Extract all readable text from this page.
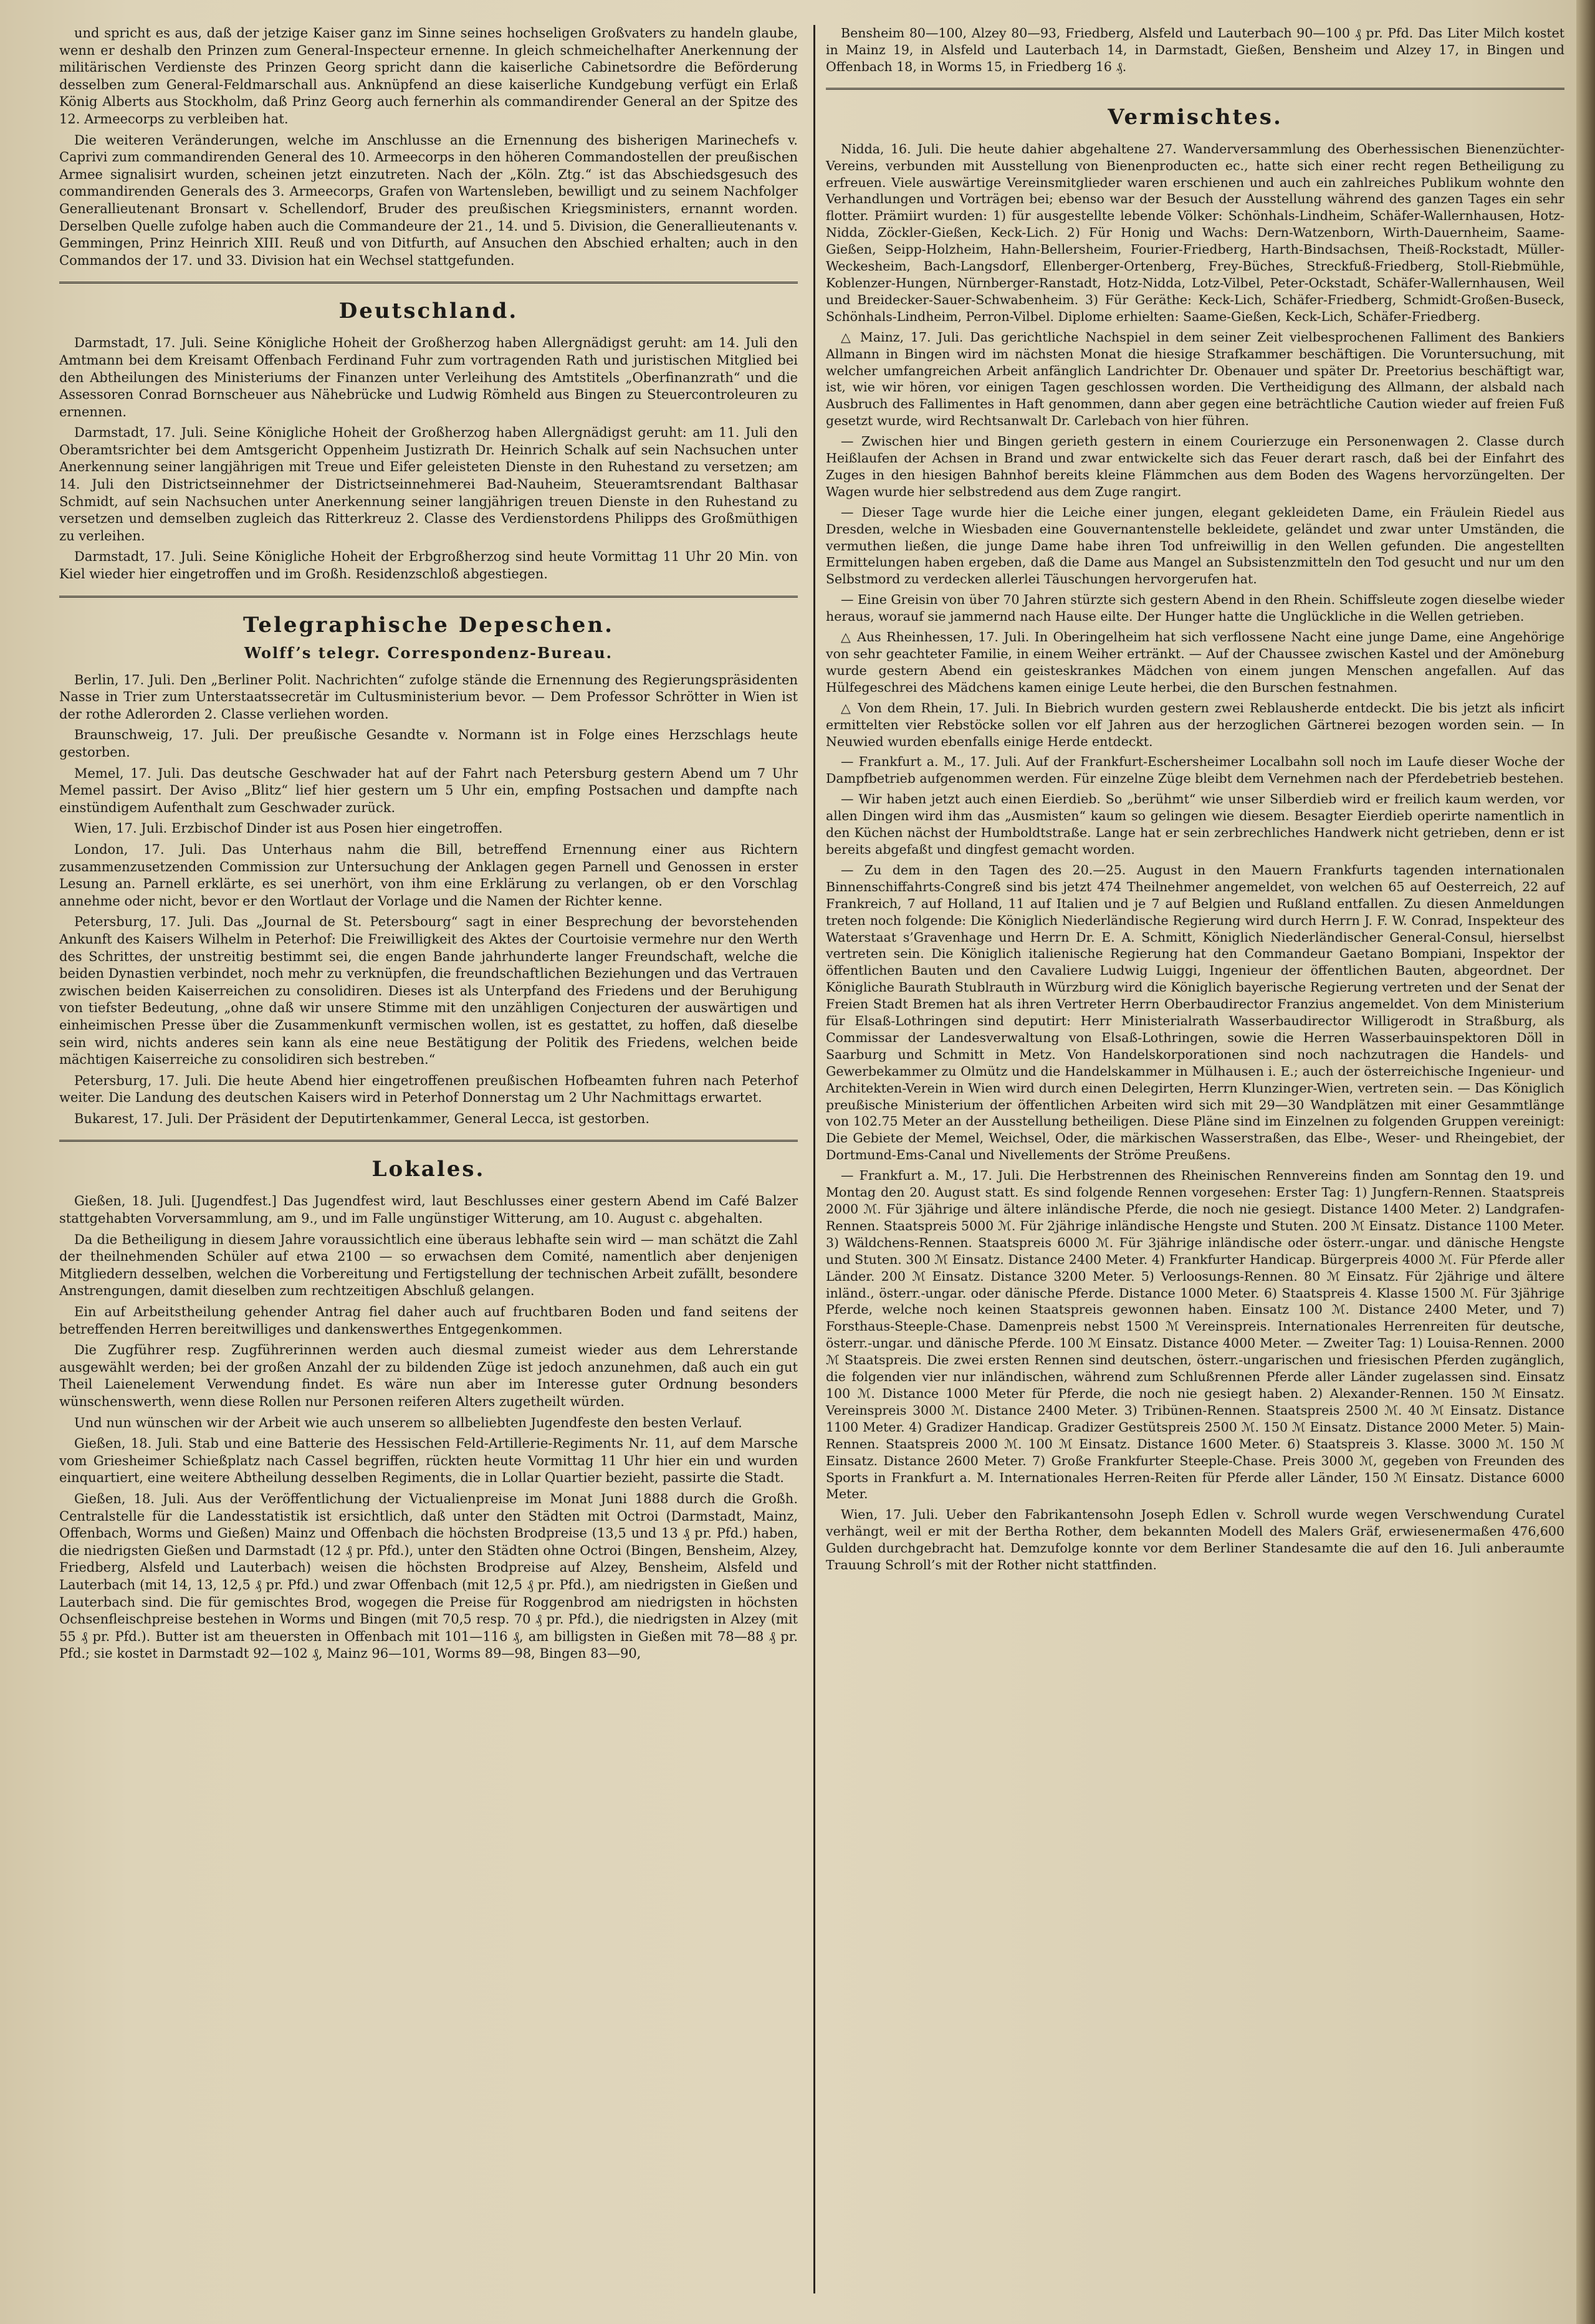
und spricht es aus, daß der jetzige Kaiser ganz im Sinne seines hochseligen Großvaters zu handeln glaube, wenn er deshalb den Prinzen zum General-Inspecteur ernenne. In gleich schmeichelhafter Anerkennung der militärischen Verdienste des Prinzen Georg spricht dann die kaiserliche Cabinetsordre die Beförderung desselben zum General-Feldmarschall aus. Anknüpfend an diese kaiserliche Kundgebung verfügt ein Erlaß König Alberts aus Stockholm, daß Prinz Georg auch fernerhin als commandirender General an der Spitze des 12. Armeecorps zu verbleiben hat.

Die weiteren Veränderungen, welche im Anschlusse an die Ernennung des bisherigen Marinechefs v. Caprivi zum commandirenden General des 10. Armeecorps in den höheren Commandostellen der preußischen Armee signalisirt wurden, scheinen jetzt einzutreten. Nach der „Köln. Ztg.“ ist das Abschiedsgesuch des commandirenden Generals des 3. Armeecorps, Grafen von Wartensleben, bewilligt und zu seinem Nachfolger Generallieutenant Bronsart v. Schellendorf, Bruder des preußischen Kriegsministers, ernannt worden. Derselben Quelle zufolge haben auch die Commandeure der 21., 14. und 5. Division, die Generallieutenants v. Gemmingen, Prinz Heinrich XIII. Reuß und von Ditfurth, auf Ansuchen den Abschied erhalten; auch in den Commandos der 17. und 33. Division hat ein Wechsel stattgefunden.

Deutschland.

Darmstadt, 17. Juli. Seine Königliche Hoheit der Großherzog haben Allergnädigst geruht: am 14. Juli den Amtmann bei dem Kreisamt Offenbach Ferdinand Fuhr zum vortragenden Rath und juristischen Mitglied bei den Abtheilungen des Ministeriums der Finanzen unter Verleihung des Amtstitels „Oberfinanzrath“ und die Assessoren Conrad Bornscheuer aus Nähebrücke und Ludwig Römheld aus Bingen zu Steuercontroleuren zu ernennen.

Darmstadt, 17. Juli. Seine Königliche Hoheit der Großherzog haben Allergnädigst geruht: am 11. Juli den Oberamtsrichter bei dem Amtsgericht Oppenheim Justizrath Dr. Heinrich Schalk auf sein Nachsuchen unter Anerkennung seiner langjährigen mit Treue und Eifer geleisteten Dienste in den Ruhestand zu versetzen; am 14. Juli den Districtseinnehmer der Districtseinnehmerei Bad-Nauheim, Steueramtsrendant Balthasar Schmidt, auf sein Nachsuchen unter Anerkennung seiner langjährigen treuen Dienste in den Ruhestand zu versetzen und demselben zugleich das Ritterkreuz 2. Classe des Verdienstordens Philipps des Großmüthigen zu verleihen.

Darmstadt, 17. Juli. Seine Königliche Hoheit der Erbgroßherzog sind heute Vormittag 11 Uhr 20 Min. von Kiel wieder hier eingetroffen und im Großh. Residenzschloß abgestiegen.

Telegraphische Depeschen.
Wolff’s telegr. Correspondenz-Bureau.

Berlin, 17. Juli. Den „Berliner Polit. Nachrichten“ zufolge stände die Ernennung des Regierungspräsidenten Nasse in Trier zum Unterstaatssecretär im Cultusministerium bevor. — Dem Professor Schrötter in Wien ist der rothe Adlerorden 2. Classe verliehen worden.

Braunschweig, 17. Juli. Der preußische Gesandte v. Normann ist in Folge eines Herzschlags heute gestorben.

Memel, 17. Juli. Das deutsche Geschwader hat auf der Fahrt nach Petersburg gestern Abend um 7 Uhr Memel passirt. Der Aviso „Blitz“ lief hier gestern um 5 Uhr ein, empfing Postsachen und dampfte nach einstündigem Aufenthalt zum Geschwader zurück.

Wien, 17. Juli. Erzbischof Dinder ist aus Posen hier eingetroffen.

London, 17. Juli. Das Unterhaus nahm die Bill, betreffend Ernennung einer aus Richtern zusammenzusetzenden Commission zur Untersuchung der Anklagen gegen Parnell und Genossen in erster Lesung an. Parnell erklärte, es sei unerhört, von ihm eine Erklärung zu verlangen, ob er den Vorschlag annehme oder nicht, bevor er den Wortlaut der Vorlage und die Namen der Richter kenne.

Petersburg, 17. Juli. Das „Journal de St. Petersbourg“ sagt in einer Besprechung der bevorstehenden Ankunft des Kaisers Wilhelm in Peterhof: Die Freiwilligkeit des Aktes der Courtoisie vermehre nur den Werth des Schrittes, der unstreitig bestimmt sei, die engen Bande jahrhunderte langer Freundschaft, welche die beiden Dynastien verbindet, noch mehr zu verknüpfen, die freundschaftlichen Beziehungen und das Vertrauen zwischen beiden Kaiserreichen zu consolidiren. Dieses ist als Unterpfand des Friedens und der Beruhigung von tiefster Bedeutung, „ohne daß wir unsere Stimme mit den unzähligen Conjecturen der auswärtigen und einheimischen Presse über die Zusammenkunft vermischen wollen, ist es gestattet, zu hoffen, daß dieselbe sein wird, nichts anderes sein kann als eine neue Bestätigung der Politik des Friedens, welchen beide mächtigen Kaiserreiche zu consolidiren sich bestreben.“

Petersburg, 17. Juli. Die heute Abend hier eingetroffenen preußischen Hofbeamten fuhren nach Peterhof weiter. Die Landung des deutschen Kaisers wird in Peterhof Donnerstag um 2 Uhr Nachmittags erwartet.

Bukarest, 17. Juli. Der Präsident der Deputirtenkammer, General Lecca, ist gestorben.

Lokales.

Gießen, 18. Juli. [Jugendfest.] Das Jugendfest wird, laut Beschlusses einer gestern Abend im Café Balzer stattgehabten Vorversammlung, am 9., und im Falle ungünstiger Witterung, am 10. August c. abgehalten.

Da die Betheiligung in diesem Jahre voraussichtlich eine überaus lebhafte sein wird — man schätzt die Zahl der theilnehmenden Schüler auf etwa 2100 — so erwachsen dem Comité, namentlich aber denjenigen Mitgliedern desselben, welchen die Vorbereitung und Fertigstellung der technischen Arbeit zufällt, besondere Anstrengungen, damit dieselben zum rechtzeitigen Abschluß gelangen.

Ein auf Arbeitstheilung gehender Antrag fiel daher auch auf fruchtbaren Boden und fand seitens der betreffenden Herren bereitwilliges und dankenswerthes Entgegenkommen.

Die Zugführer resp. Zugführerinnen werden auch diesmal zumeist wieder aus dem Lehrerstande ausgewählt werden; bei der großen Anzahl der zu bildenden Züge ist jedoch anzunehmen, daß auch ein gut Theil Laienelement Verwendung findet. Es wäre nun aber im Interesse guter Ordnung besonders wünschenswerth, wenn diese Rollen nur Personen reiferen Alters zugetheilt würden.

Und nun wünschen wir der Arbeit wie auch unserem so allbeliebten Jugendfeste den besten Verlauf.

Gießen, 18. Juli. Stab und eine Batterie des Hessischen Feld-Artillerie-Regiments Nr. 11, auf dem Marsche vom Griesheimer Schießplatz nach Cassel begriffen, rückten heute Vormittag 11 Uhr hier ein und wurden einquartiert, eine weitere Abtheilung desselben Regiments, die in Lollar Quartier bezieht, passirte die Stadt.

Gießen, 18. Juli. Aus der Veröffentlichung der Victualienpreise im Monat Juni 1888 durch die Großh. Centralstelle für die Landesstatistik ist ersichtlich, daß unter den Städten mit Octroi (Darmstadt, Mainz, Offenbach, Worms und Gießen) Mainz und Offenbach die höchsten Brodpreise (13,5 und 13 ₰ pr. Pfd.) haben, die niedrigsten Gießen und Darmstadt (12 ₰ pr. Pfd.), unter den Städten ohne Octroi (Bingen, Bensheim, Alzey, Friedberg, Alsfeld und Lauterbach) weisen die höchsten Brodpreise auf Alzey, Bensheim, Alsfeld und Lauterbach (mit 14, 13, 12,5 ₰ pr. Pfd.) und zwar Offenbach (mit 12,5 ₰ pr. Pfd.), am niedrigsten in Gießen und Lauterbach sind. Die für gemischtes Brod, wogegen die Preise für Roggenbrod am niedrigsten in höchsten Ochsenfleischpreise bestehen in Worms und Bingen (mit 70,5 resp. 70 ₰ pr. Pfd.), die niedrigsten in Alzey (mit 55 ₰ pr. Pfd.). Butter ist am theuersten in Offenbach mit 101—116 ₰, am billigsten in Gießen mit 78—88 ₰ pr. Pfd.; sie kostet in Darmstadt 92—102 ₰, Mainz 96—101, Worms 89—98, Bingen 83—90,

Bensheim 80—100, Alzey 80—93, Friedberg, Alsfeld und Lauterbach 90—100 ₰ pr. Pfd. Das Liter Milch kostet in Mainz 19, in Alsfeld und Lauterbach 14, in Darmstadt, Gießen, Bensheim und Alzey 17, in Bingen und Offenbach 18, in Worms 15, in Friedberg 16 ₰.

Vermischtes.

Nidda, 16. Juli. Die heute dahier abgehaltene 27. Wanderversammlung des Oberhessischen Bienenzüchter-Vereins, verbunden mit Ausstellung von Bienenproducten ec., hatte sich einer recht regen Betheiligung zu erfreuen. Viele auswärtige Vereinsmitglieder waren erschienen und auch ein zahlreiches Publikum wohnte den Verhandlungen und Vorträgen bei; ebenso war der Besuch der Ausstellung während des ganzen Tages ein sehr flotter. Prämiirt wurden: 1) für ausgestellte lebende Völker: Schönhals-Lindheim, Schäfer-Wallernhausen, Hotz-Nidda, Zöckler-Gießen, Keck-Lich. 2) Für Honig und Wachs: Dern-Watzenborn, Wirth-Dauernheim, Saame-Gießen, Seipp-Holzheim, Hahn-Bellersheim, Fourier-Friedberg, Harth-Bindsachsen, Theiß-Rockstadt, Müller-Weckesheim, Bach-Langsdorf, Ellenberger-Ortenberg, Frey-Büches, Streckfuß-Friedberg, Stoll-Riebmühle, Koblenzer-Hungen, Nürnberger-Ranstadt, Hotz-Nidda, Lotz-Vilbel, Peter-Ockstadt, Schäfer-Wallernhausen, Weil und Breidecker-Sauer-Schwabenheim. 3) Für Geräthe: Keck-Lich, Schäfer-Friedberg, Schmidt-Großen-Buseck, Schönhals-Lindheim, Perron-Vilbel. Diplome erhielten: Saame-Gießen, Keck-Lich, Schäfer-Friedberg.

△ Mainz, 17. Juli. Das gerichtliche Nachspiel in dem seiner Zeit vielbesprochenen Falliment des Bankiers Allmann in Bingen wird im nächsten Monat die hiesige Strafkammer beschäftigen. Die Voruntersuchung, mit welcher umfangreichen Arbeit anfänglich Landrichter Dr. Obenauer und später Dr. Preetorius beschäftigt war, ist, wie wir hören, vor einigen Tagen geschlossen worden. Die Vertheidigung des Allmann, der alsbald nach Ausbruch des Fallimentes in Haft genommen, dann aber gegen eine beträchtliche Caution wieder auf freien Fuß gesetzt wurde, wird Rechtsanwalt Dr. Carlebach von hier führen.

— Zwischen hier und Bingen gerieth gestern in einem Courierzuge ein Personenwagen 2. Classe durch Heißlaufen der Achsen in Brand und zwar entwickelte sich das Feuer derart rasch, daß bei der Einfahrt des Zuges in den hiesigen Bahnhof bereits kleine Flämmchen aus dem Boden des Wagens hervorzüngelten. Der Wagen wurde hier selbstredend aus dem Zuge rangirt.

— Dieser Tage wurde hier die Leiche einer jungen, elegant gekleideten Dame, ein Fräulein Riedel aus Dresden, welche in Wiesbaden eine Gouvernantenstelle bekleidete, geländet und zwar unter Umständen, die vermuthen ließen, die junge Dame habe ihren Tod unfreiwillig in den Wellen gefunden. Die angestellten Ermittelungen haben ergeben, daß die Dame aus Mangel an Subsistenzmitteln den Tod gesucht und nur um den Selbstmord zu verdecken allerlei Täuschungen hervorgerufen hat.

— Eine Greisin von über 70 Jahren stürzte sich gestern Abend in den Rhein. Schiffsleute zogen dieselbe wieder heraus, worauf sie jammernd nach Hause eilte. Der Hunger hatte die Unglückliche in die Wellen getrieben.

△ Aus Rheinhessen, 17. Juli. In Oberingelheim hat sich verflossene Nacht eine junge Dame, eine Angehörige von sehr geachteter Familie, in einem Weiher ertränkt. — Auf der Chaussee zwischen Kastel und der Amöneburg wurde gestern Abend ein geisteskrankes Mädchen von einem jungen Menschen angefallen. Auf das Hülfegeschrei des Mädchens kamen einige Leute herbei, die den Burschen festnahmen.

△ Von dem Rhein, 17. Juli. In Biebrich wurden gestern zwei Reblausherde entdeckt. Die bis jetzt als inficirt ermittelten vier Rebstöcke sollen vor elf Jahren aus der herzoglichen Gärtnerei bezogen worden sein. — In Neuwied wurden ebenfalls einige Herde entdeckt.

— Frankfurt a. M., 17. Juli. Auf der Frankfurt-Eschersheimer Localbahn soll noch im Laufe dieser Woche der Dampfbetrieb aufgenommen werden. Für einzelne Züge bleibt dem Vernehmen nach der Pferdebetrieb bestehen.

— Wir haben jetzt auch einen Eierdieb. So „berühmt“ wie unser Silberdieb wird er freilich kaum werden, vor allen Dingen wird ihm das „Ausmisten“ kaum so gelingen wie diesem. Besagter Eierdieb operirte namentlich in den Küchen nächst der Humboldtstraße. Lange hat er sein zerbrechliches Handwerk nicht getrieben, denn er ist bereits abgefaßt und dingfest gemacht worden.

— Zu dem in den Tagen des 20.—25. August in den Mauern Frankfurts tagenden internationalen Binnenschiffahrts-Congreß sind bis jetzt 474 Theilnehmer angemeldet, von welchen 65 auf Oesterreich, 22 auf Frankreich, 7 auf Holland, 11 auf Italien und je 7 auf Belgien und Rußland entfallen. Zu diesen Anmeldungen treten noch folgende: Die Königlich Niederländische Regierung wird durch Herrn J. F. W. Conrad, Inspekteur des Waterstaat s’Gravenhage und Herrn Dr. E. A. Schmitt, Königlich Niederländischer General-Consul, hierselbst vertreten sein. Die Königlich italienische Regierung hat den Commandeur Gaetano Bompiani, Inspektor der öffentlichen Bauten und den Cavaliere Ludwig Luiggi, Ingenieur der öffentlichen Bauten, abgeordnet. Der Königliche Baurath Stublrauth in Würzburg wird die Königlich bayerische Regierung vertreten und der Senat der Freien Stadt Bremen hat als ihren Vertreter Herrn Oberbaudirector Franzius angemeldet. Von dem Ministerium für Elsaß-Lothringen sind deputirt: Herr Ministerialrath Wasserbaudirector Willigerodt in Straßburg, als Commissar der Landesverwaltung von Elsaß-Lothringen, sowie die Herren Wasserbauinspektoren Döll in Saarburg und Schmitt in Metz. Von Handelskorporationen sind noch nachzutragen die Handels- und Gewerbekammer zu Olmütz und die Handelskammer in Mülhausen i. E.; auch der österreichische Ingenieur- und Architekten-Verein in Wien wird durch einen Delegirten, Herrn Klunzinger-Wien, vertreten sein. — Das Königlich preußische Ministerium der öffentlichen Arbeiten wird sich mit 29—30 Wandplätzen mit einer Gesammtlänge von 102.75 Meter an der Ausstellung betheiligen. Diese Pläne sind im Einzelnen zu folgenden Gruppen vereinigt: Die Gebiete der Memel, Weichsel, Oder, die märkischen Wasserstraßen, das Elbe-, Weser- und Rheingebiet, der Dortmund-Ems-Canal und Nivellements der Ströme Preußens.

— Frankfurt a. M., 17. Juli. Die Herbstrennen des Rheinischen Rennvereins finden am Sonntag den 19. und Montag den 20. August statt. Es sind folgende Rennen vorgesehen: Erster Tag: 1) Jungfern-Rennen. Staatspreis 2000 ℳ. Für 3jährige und ältere inländische Pferde, die noch nie gesiegt. Distance 1400 Meter. 2) Landgrafen-Rennen. Staatspreis 5000 ℳ. Für 2jährige inländische Hengste und Stuten. 200 ℳ Einsatz. Distance 1100 Meter. 3) Wäldchens-Rennen. Staatspreis 6000 ℳ. Für 3jährige inländische oder österr.-ungar. und dänische Hengste und Stuten. 300 ℳ Einsatz. Distance 2400 Meter. 4) Frankfurter Handicap. Bürgerpreis 4000 ℳ. Für Pferde aller Länder. 200 ℳ Einsatz. Distance 3200 Meter. 5) Verloosungs-Rennen. 80 ℳ Einsatz. Für 2jährige und ältere inländ., österr.-ungar. oder dänische Pferde. Distance 1000 Meter. 6) Staatspreis 4. Klasse 1500 ℳ. Für 3jährige Pferde, welche noch keinen Staatspreis gewonnen haben. Einsatz 100 ℳ. Distance 2400 Meter, und 7) Forsthaus-Steeple-Chase. Damenpreis nebst 1500 ℳ Vereinspreis. Internationales Herrenreiten für deutsche, österr.-ungar. und dänische Pferde. 100 ℳ Einsatz. Distance 4000 Meter. — Zweiter Tag: 1) Louisa-Rennen. 2000 ℳ Staatspreis. Die zwei ersten Rennen sind deutschen, österr.-ungarischen und friesischen Pferden zugänglich, die folgenden vier nur inländischen, während zum Schlußrennen Pferde aller Länder zugelassen sind. Einsatz 100 ℳ. Distance 1000 Meter für Pferde, die noch nie gesiegt haben. 2) Alexander-Rennen. 150 ℳ Einsatz. Vereinspreis 3000 ℳ. Distance 2400 Meter. 3) Tribünen-Rennen. Staatspreis 2500 ℳ. 40 ℳ Einsatz. Distance 1100 Meter. 4) Gradizer Handicap. Gradizer Gestütspreis 2500 ℳ. 150 ℳ Einsatz. Distance 2000 Meter. 5) Main-Rennen. Staatspreis 2000 ℳ. 100 ℳ Einsatz. Distance 1600 Meter. 6) Staatspreis 3. Klasse. 3000 ℳ. 150 ℳ Einsatz. Distance 2600 Meter. 7) Große Frankfurter Steeple-Chase. Preis 3000 ℳ, gegeben von Freunden des Sports in Frankfurt a. M. Internationales Herren-Reiten für Pferde aller Länder, 150 ℳ Einsatz. Distance 6000 Meter.

Wien, 17. Juli. Ueber den Fabrikantensohn Joseph Edlen v. Schroll wurde wegen Verschwendung Curatel verhängt, weil er mit der Bertha Rother, dem bekannten Modell des Malers Gräf, erwiesenermaßen 476,600 Gulden durchgebracht hat. Demzufolge konnte vor dem Berliner Standesamte die auf den 16. Juli anberaumte Trauung Schroll’s mit der Rother nicht stattfinden.
